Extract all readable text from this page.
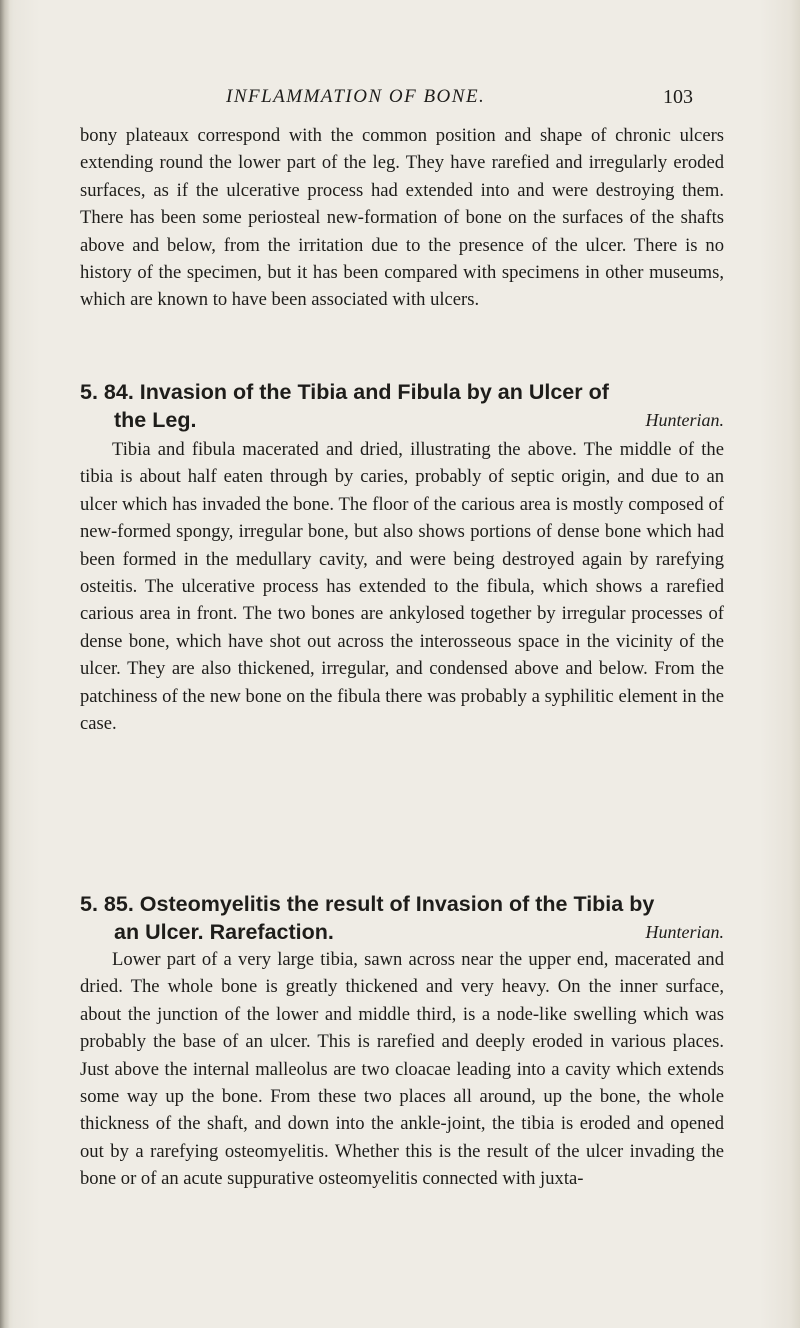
INFLAMMATION OF BONE.	103

bony plateaux correspond with the common position and shape of chronic ulcers extending round the lower part of the leg. They have rarefied and irregularly eroded surfaces, as if the ulcerative process had extended into and were destroying them. There has been some periosteal new-formation of bone on the surfaces of the shafts above and below, from the irritation due to the presence of the ulcer. There is no history of the specimen, but it has been compared with specimens in other museums, which are known to have been associated with ulcers.

5. 84. Invasion of the Tibia and Fibula by an Ulcer of
the Leg.	Hunterian.

Tibia and fibula macerated and dried, illustrating the above. The middle of the tibia is about half eaten through by caries, probably of septic origin, and due to an ulcer which has invaded the bone. The floor of the carious area is mostly composed of new-formed spongy, irregular bone, but also shows portions of dense bone which had been formed in the medullary cavity, and were being destroyed again by rarefying osteitis. The ulcerative process has extended to the fibula, which shows a rarefied carious area in front. The two bones are ankylosed together by irregular processes of dense bone, which have shot out across the interosseous space in the vicinity of the ulcer. They are also thickened, irregular, and condensed above and below. From the patchiness of the new bone on the fibula there was probably a syphilitic element in the case.

5. 85. Osteomyelitis the result of Invasion of the Tibia by
an Ulcer. Rarefaction.	Hunterian.

Lower part of a very large tibia, sawn across near the upper end, macerated and dried. The whole bone is greatly thickened and very heavy. On the inner surface, about the junction of the lower and middle third, is a node-like swelling which was probably the base of an ulcer. This is rarefied and deeply eroded in various places. Just above the internal malleolus are two cloacae leading into a cavity which extends some way up the bone. From these two places all around, up the bone, the whole thickness of the shaft, and down into the ankle-joint, the tibia is eroded and opened out by a rarefying osteomyelitis. Whether this is the result of the ulcer invading the bone or of an acute suppurative osteomyelitis connected with juxta-
